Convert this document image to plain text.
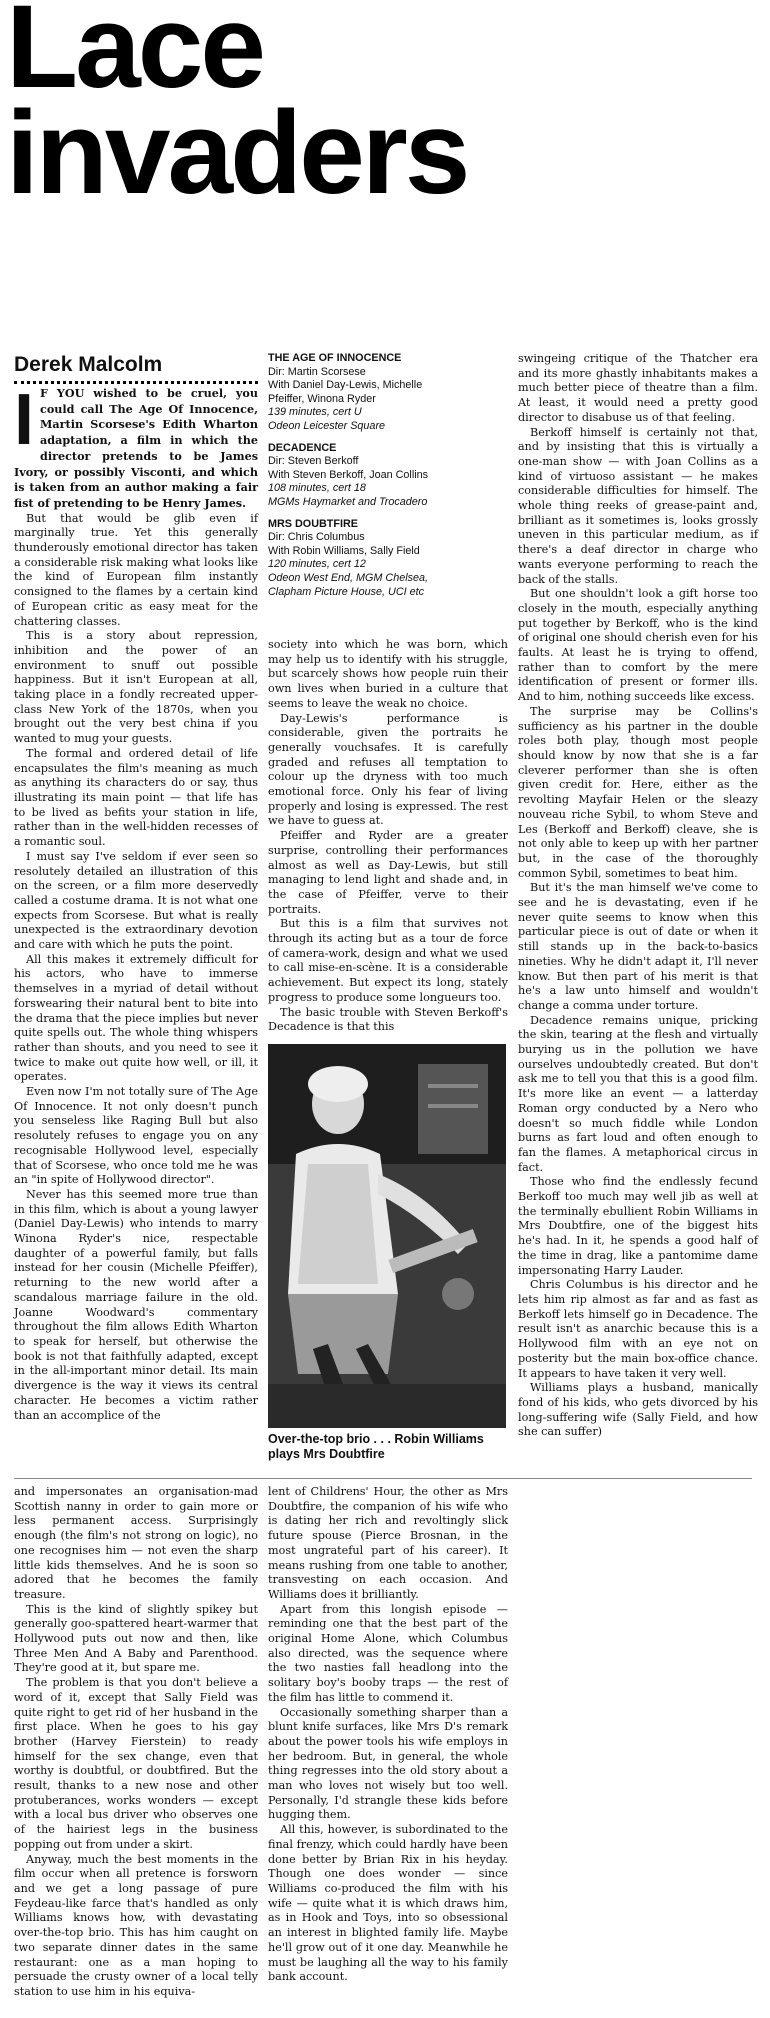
Lace
invaders
Derek Malcolm

I F YOU wished to be cruel, you could call The Age Of Innocence, Martin Scorsese's Edith Wharton adaptation, a film in which the director pretends to be James Ivory, or possibly Visconti, and which is taken from an author making a fair fist of pretending to be Henry James.

But that would be glib even if marginally true. Yet this generally thunderously emotional director has taken a considerable risk making what looks like the kind of European film instantly consigned to the flames by a certain kind of European critic as easy meat for the chattering classes.

This is a story about repression, inhibition and the power of an environment to snuff out possible happiness. But it isn't European at all, taking place in a fondly recreated upper-class New York of the 1870s, when you brought out the very best china if you wanted to mug your guests.

The formal and ordered detail of life encapsulates the film's meaning as much as anything its characters do or say, thus illustrating its main point — that life has to be lived as befits your station in life, rather than in the well-hidden recesses of a romantic soul.

I must say I've seldom if ever seen so resolutely detailed an illustration of this on the screen, or a film more deservedly called a costume drama. It is not what one expects from Scorsese. But what is really unexpected is the extraordinary devotion and care with which he puts the point.

All this makes it extremely difficult for his actors, who have to immerse themselves in a myriad of detail without forswearing their natural bent to bite into the drama that the piece implies but never quite spells out. The whole thing whispers rather than shouts, and you need to see it twice to make out quite how well, or ill, it operates.

Even now I'm not totally sure of The Age Of Innocence. It not only doesn't punch you senseless like Raging Bull but also resolutely refuses to engage you on any recognisable Hollywood level, especially that of Scorsese, who once told me he was an "in spite of Hollywood director".

Never has this seemed more true than in this film, which is about a young lawyer (Daniel Day-Lewis) who intends to marry Winona Ryder's nice, respectable daughter of a powerful family, but falls instead for her cousin (Michelle Pfeiffer), returning to the new world after a scandalous marriage failure in the old. Joanne Woodward's commentary throughout the film allows Edith Wharton to speak for herself, but otherwise the book is not that faithfully adapted, except in the all-important minor detail. Its main divergence is the way it views its central character. He becomes a victim rather than an accomplice of the

THE AGE OF INNOCENCE
Dir: Martin Scorsese
With Daniel Day-Lewis, Michelle
Pfeiffer, Winona Ryder
139 minutes, cert U
Odeon Leicester Square
DECADENCE
Dir: Steven Berkoff
With Steven Berkoff, Joan Collins
108 minutes, cert 18
MGMs Haymarket and Trocadero
MRS DOUBTFIRE
Dir: Chris Columbus
With Robin Williams, Sally Field
120 minutes, cert 12
Odeon West End, MGM Chelsea,
Clapham Picture House, UCI etc

society into which he was born, which may help us to identify with his struggle, but scarcely shows how people ruin their own lives when buried in a culture that seems to leave the weak no choice.

Day-Lewis's performance is considerable, given the portraits he generally vouchsafes. It is carefully graded and refuses all temptation to colour up the dryness with too much emotional force. Only his fear of living properly and losing is expressed. The rest we have to guess at.

Pfeiffer and Ryder are a greater surprise, controlling their performances almost as well as Day-Lewis, but still managing to lend light and shade and, in the case of Pfeiffer, verve to their portraits.

But this is a film that survives not through its acting but as a tour de force of camera-work, design and what we used to call mise-en-scène. It is a considerable achievement. But expect its long, stately progress to produce some longueurs too.

The basic trouble with Steven Berkoff's Decadence is that this

Over-the-top brio . . . Robin Williams plays Mrs Doubtfire

swingeing critique of the Thatcher era and its more ghastly inhabitants makes a much better piece of theatre than a film. At least, it would need a pretty good director to disabuse us of that feeling.

Berkoff himself is certainly not that, and by insisting that this is virtually a one-man show — with Joan Collins as a kind of virtuoso assistant — he makes considerable difficulties for himself. The whole thing reeks of grease-paint and, brilliant as it sometimes is, looks grossly uneven in this particular medium, as if there's a deaf director in charge who wants everyone performing to reach the back of the stalls.

But one shouldn't look a gift horse too closely in the mouth, especially anything put together by Berkoff, who is the kind of original one should cherish even for his faults. At least he is trying to offend, rather than to comfort by the mere identification of present or former ills. And to him, nothing succeeds like excess.

The surprise may be Collins's sufficiency as his partner in the double roles both play, though most people should know by now that she is a far cleverer performer than she is often given credit for. Here, either as the revolting Mayfair Helen or the sleazy nouveau riche Sybil, to whom Steve and Les (Berkoff and Berkoff) cleave, she is not only able to keep up with her partner but, in the case of the thoroughly common Sybil, sometimes to beat him.

But it's the man himself we've come to see and he is devastating, even if he never quite seems to know when this particular piece is out of date or when it still stands up in the back-to-basics nineties. Why he didn't adapt it, I'll never know. But then part of his merit is that he's a law unto himself and wouldn't change a comma under torture.

Decadence remains unique, pricking the skin, tearing at the flesh and virtually burying us in the pollution we have ourselves undoubtedly created. But don't ask me to tell you that this is a good film. It's more like an event — a latterday Roman orgy conducted by a Nero who doesn't so much fiddle while London burns as fart loud and often enough to fan the flames. A metaphorical circus in fact.

Those who find the endlessly fecund Berkoff too much may well jib as well at the terminally ebullient Robin Williams in Mrs Doubtfire, one of the biggest hits he's had. In it, he spends a good half of the time in drag, like a pantomime dame impersonating Harry Lauder.

Chris Columbus is his director and he lets him rip almost as far and as fast as Berkoff lets himself go in Decadence. The result isn't as anarchic because this is a Hollywood film with an eye not on posterity but the main box-office chance. It appears to have taken it very well.

Williams plays a husband, manically fond of his kids, who gets divorced by his long-suffering wife (Sally Field, and how she can suffer)

and impersonates an organisation-mad Scottish nanny in order to gain more or less permanent access. Surprisingly enough (the film's not strong on logic), no one recognises him — not even the sharp little kids themselves. And he is soon so adored that he becomes the family treasure.

This is the kind of slightly spikey but generally goo-spattered heart-warmer that Hollywood puts out now and then, like Three Men And A Baby and Parenthood. They're good at it, but spare me.

The problem is that you don't believe a word of it, except that Sally Field was quite right to get rid of her husband in the first place. When he goes to his gay brother (Harvey Fierstein) to ready himself for the sex change, even that worthy is doubtful, or doubtfired. But the result, thanks to a new nose and other protuberances, works wonders — except with a local bus driver who observes one of the hairiest legs in the business popping out from under a skirt.

Anyway, much the best moments in the film occur when all pretence is forsworn and we get a long passage of pure Feydeau-like farce that's handled as only Williams knows how, with devastating over-the-top brio. This has him caught on two separate dinner dates in the same restaurant: one as a man hoping to persuade the crusty owner of a local telly station to use him in his equiva-

lent of Childrens' Hour, the other as Mrs Doubtfire, the companion of his wife who is dating her rich and revoltingly slick future spouse (Pierce Brosnan, in the most ungrateful part of his career). It means rushing from one table to another, transvesting on each occasion. And Williams does it brilliantly.

Apart from this longish episode — reminding one that the best part of the original Home Alone, which Columbus also directed, was the sequence where the two nasties fall headlong into the solitary boy's booby traps — the rest of the film has little to commend it.

Occasionally something sharper than a blunt knife surfaces, like Mrs D's remark about the power tools his wife employs in her bedroom. But, in general, the whole thing regresses into the old story about a man who loves not wisely but too well. Personally, I'd strangle these kids before hugging them.

All this, however, is subordinated to the final frenzy, which could hardly have been done better by Brian Rix in his heyday. Though one does wonder — since Williams co-produced the film with his wife — quite what it is which draws him, as in Hook and Toys, into so obsessional an interest in blighted family life. Maybe he'll grow out of it one day. Meanwhile he must be laughing all the way to his family bank account.
